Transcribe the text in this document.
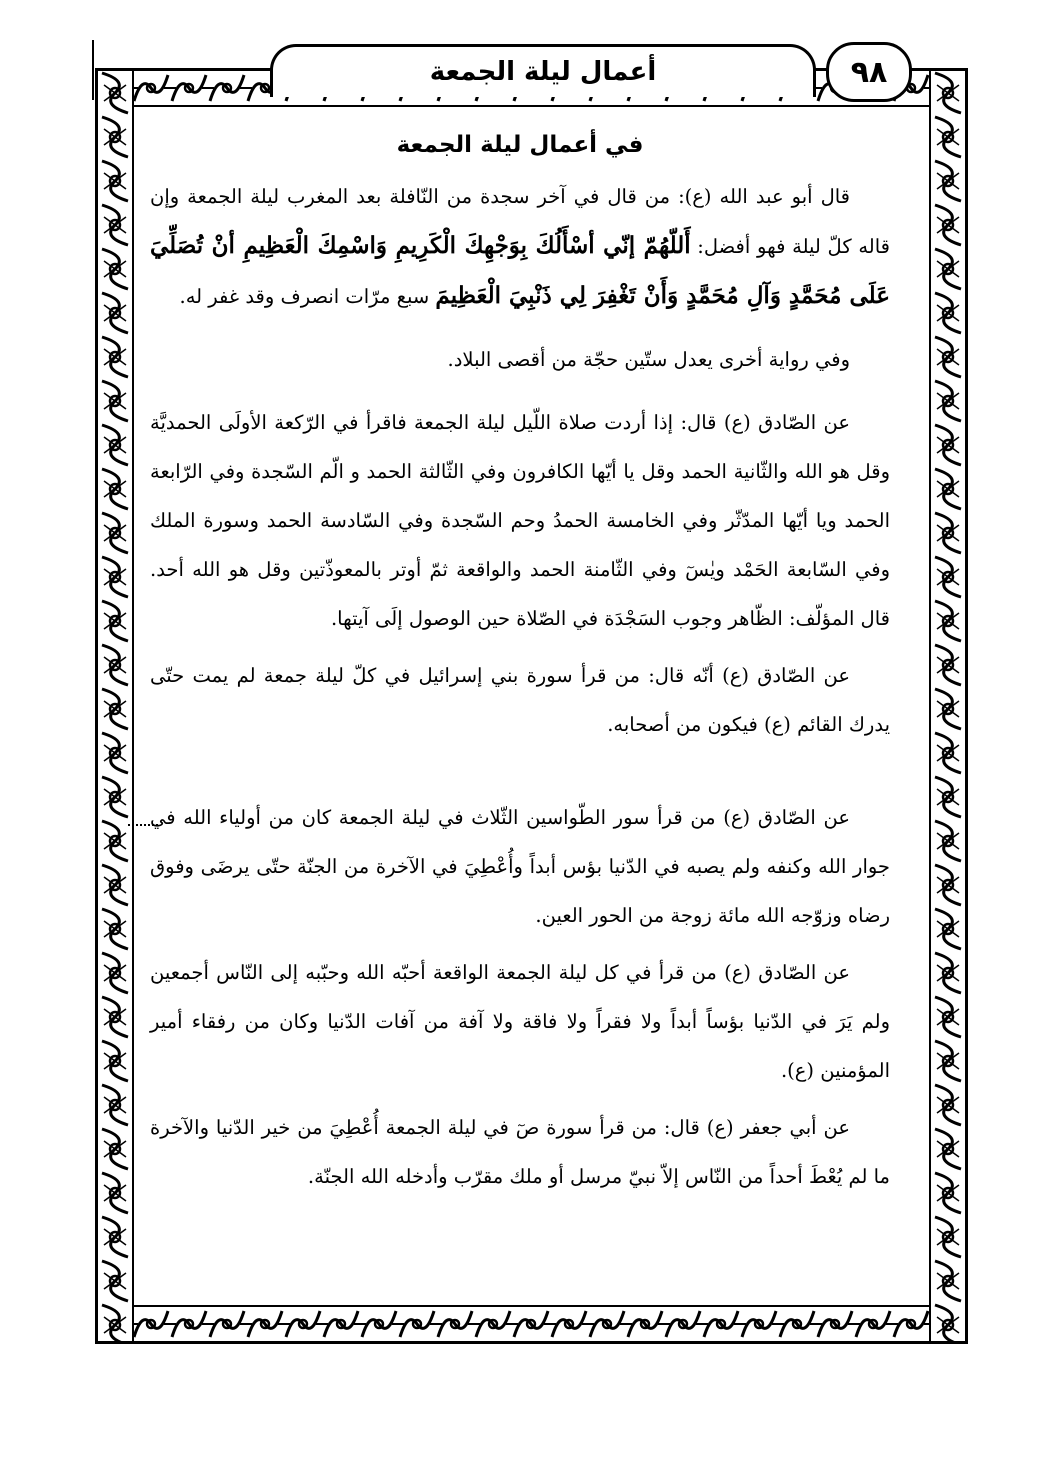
أعمال ليلة الجمعة	٩٨
في أعمال ليلة الجمعة

قال أبو عبد الله (ع): من قال في آخر سجدة من النّافلة بعد المغرب ليلة الجمعة وإن قاله كلّ ليلة فهو أفضل: أَللّهُمّ إنّي أسْأَلُكَ بِوَجْهِكَ الْكَرِيمِ وَاسْمِكَ الْعَظِيمِ أنْ تُصَلِّيَ عَلَى مُحَمَّدٍ وَآلِ مُحَمَّدٍ وَأَنْ تَغْفِرَ لِي ذَنْبِيَ الْعَظِيمَ سبع مرّات انصرف وقد غفر له.

وفي رواية أخرى يعدل ستّين حجّة من أقصى البلاد.

عن الصّادق (ع) قال: إذا أردت صلاة اللّيل ليلة الجمعة فاقرأ في الرّكعة الأولَى الحمديَّة وقل هو الله والثّانية الحمد وقل يا أيّها الكافرون وفي الثّالثة الحمد و الّم السّجدة وفي الرّابعة الحمد ويا أيّها المدّثّر وفي الخامسة الحمدُ وحم السّجدة وفي السّادسة الحمد وسورة الملك وفي السّابعة الحَمْد ويٰسٓ وفي الثّامنة الحمد والواقعة ثمّ أوتر بالمعوذّتين وقل هو الله أحد. قال المؤلّف: الظّاهر وجوب السَجْدَة في الصّلاة حين الوصول إلَى آيتها.

عن الصّادق (ع) أنّه قال: من قرأ سورة بني إسرائيل في كلّ ليلة جمعة لم يمت حتّى يدرك القائم (ع) فيكون من أصحابه.

عن الصّادق (ع) من قرأ سور الطّواسين الثّلاث في ليلة الجمعة كان من أولياء الله في جوار الله وكنفه ولم يصبه في الدّنيا بؤس أبداً وأُعْطِيَ في الآخرة من الجنّة حتّى يرضَى وفوق رضاه وزوّجه الله مائة زوجة من الحور العين.

عن الصّادق (ع) من قرأ في كل ليلة الجمعة الواقعة أحبّه الله وحبّبه إلى النّاس أجمعين ولم يَرَ في الدّنيا بؤساً أبداً ولا فقراً ولا فاقة ولا آفة من آفات الدّنيا وكان من رفقاء أمير المؤمنين (ع).

عن أبي جعفر (ع) قال: من قرأ سورة صٓ في ليلة الجمعة أُعْطِيَ من خير الدّنيا والآخرة ما لم يُعْطَ أحداً من النّاس إلاّ نبيّ مرسل أو ملك مقرّب وأدخله الله الجنّة.
